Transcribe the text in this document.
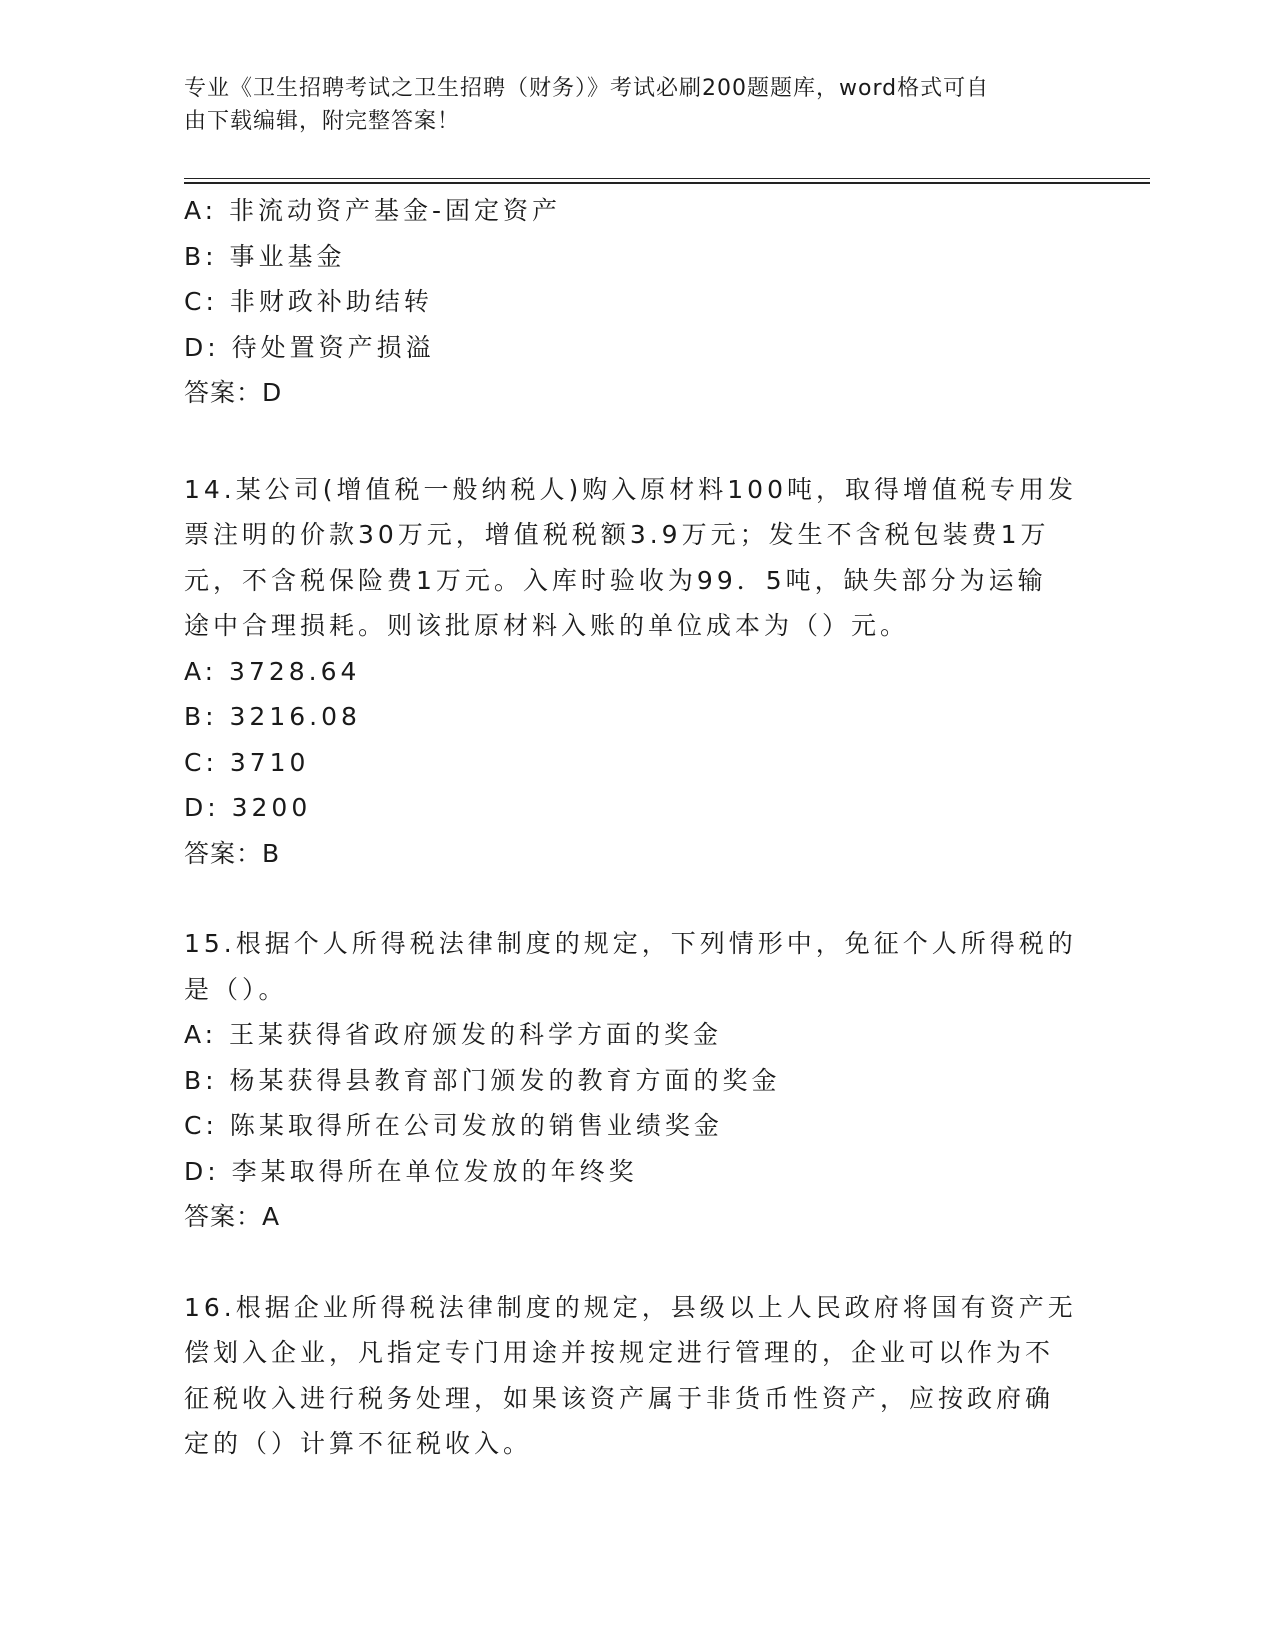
专业《卫生招聘考试之卫生招聘（财务）》考试必刷200题题库，word格式可自
由下载编辑，附完整答案！
A: 非流动资产基金-固定资产
B: 事业基金
C: 非财政补助结转
D: 待处置资产损溢
答案：D
14.某公司(增值税一般纳税人)购入原材料100吨，取得增值税专用发
票注明的价款30万元，增值税税额3.9万元；发生不含税包装费1万
元，不含税保险费1万元。入库时验收为99．5吨，缺失部分为运输
途中合理损耗。则该批原材料入账的单位成本为（）元。
A: 3728.64
B: 3216.08
C: 3710
D: 3200
答案：B
15.根据个人所得税法律制度的规定，下列情形中，免征个人所得税的
是（）。
A: 王某获得省政府颁发的科学方面的奖金
B: 杨某获得县教育部门颁发的教育方面的奖金
C: 陈某取得所在公司发放的销售业绩奖金
D: 李某取得所在单位发放的年终奖
答案：A
16.根据企业所得税法律制度的规定，县级以上人民政府将国有资产无
偿划入企业，凡指定专门用途并按规定进行管理的，企业可以作为不
征税收入进行税务处理，如果该资产属于非货币性资产，应按政府确
定的（）计算不征税收入。
